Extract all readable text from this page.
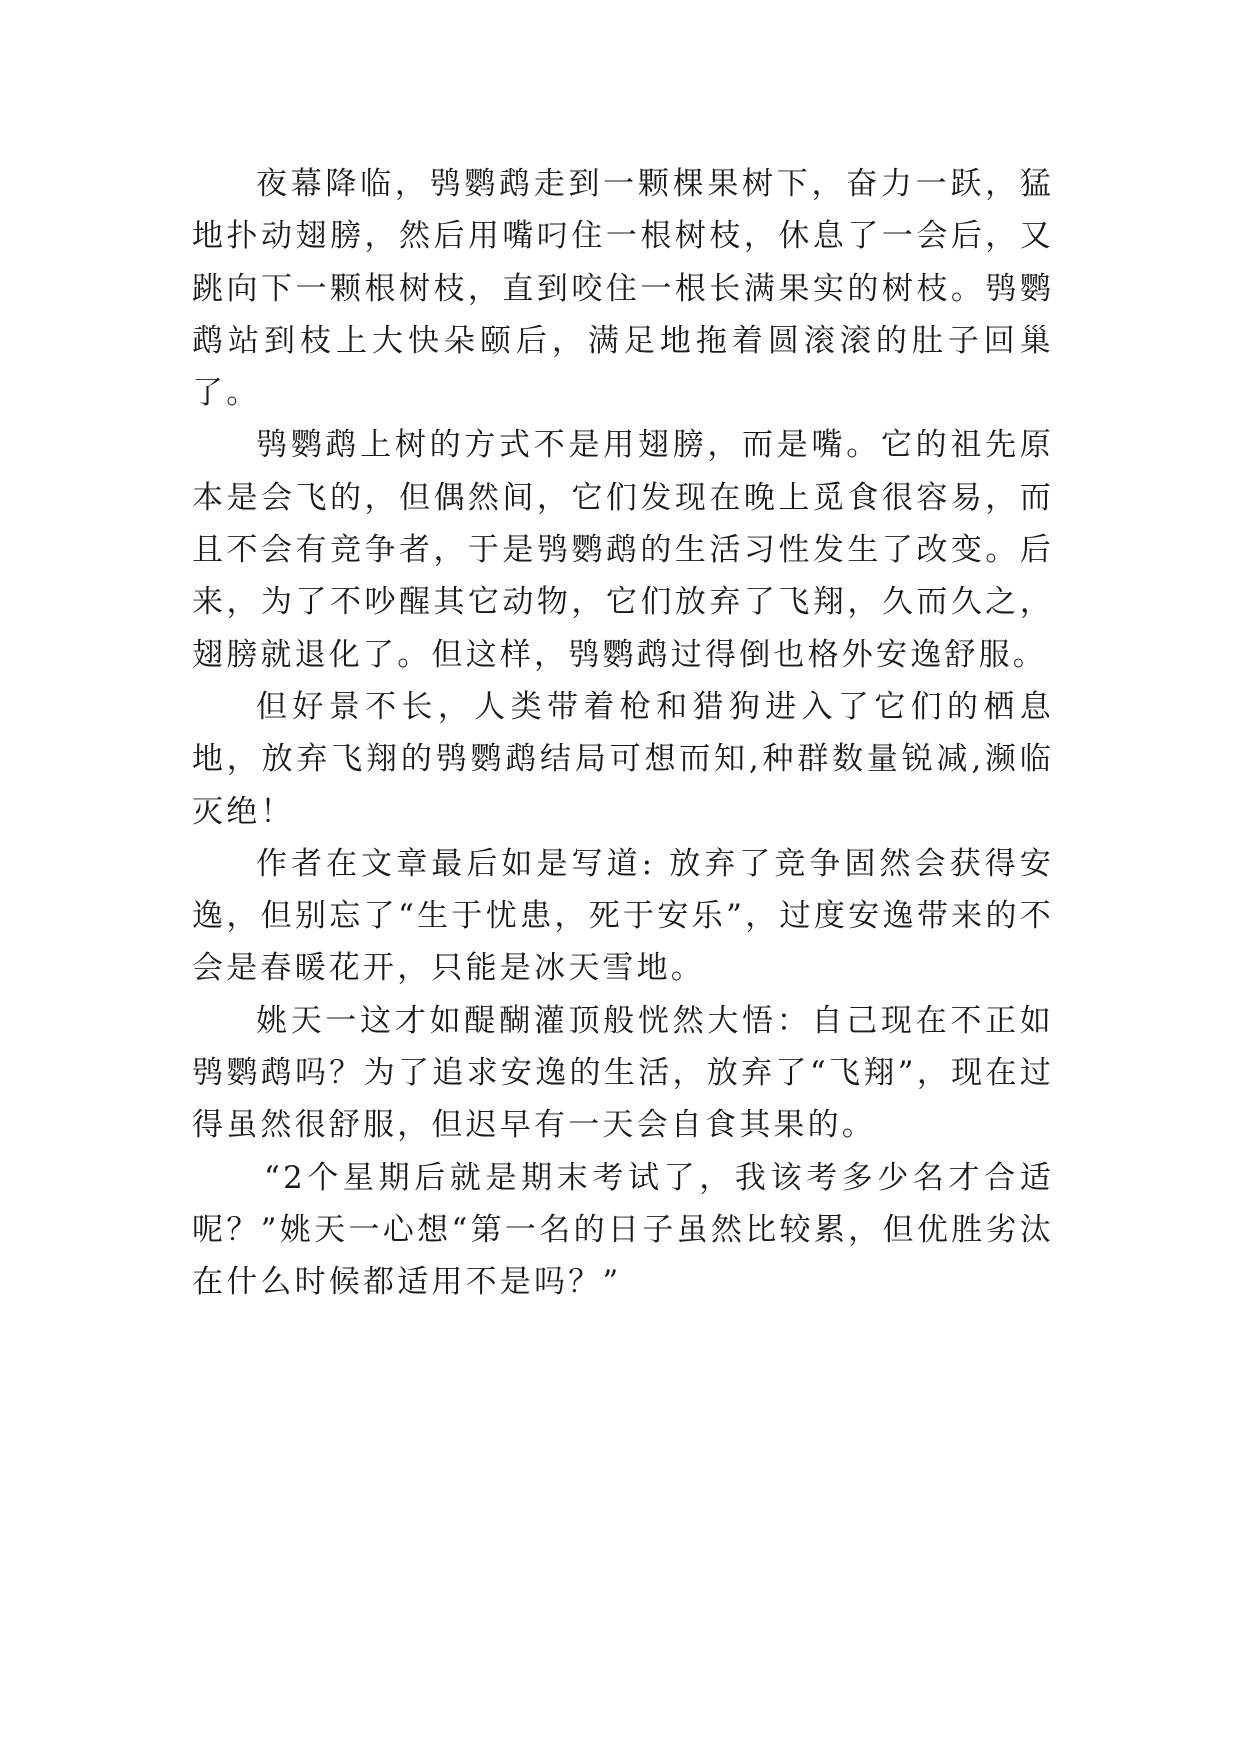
夜幕降临，鸮鹦鹉走到一颗棵果树下，奋力一跃，猛地扑动翅膀，然后用嘴叼住一根树枝，休息了一会后，又跳向下一颗根树枝，直到咬住一根长满果实的树枝。鸮鹦鹉站到枝上大快朵颐后，满足地拖着圆滚滚的肚子回巢了。

鸮鹦鹉上树的方式不是用翅膀，而是嘴。它的祖先原本是会飞的，但偶然间，它们发现在晚上觅食很容易，而且不会有竞争者，于是鸮鹦鹉的生活习性发生了改变。后来，为了不吵醒其它动物，它们放弃了飞翔，久而久之，翅膀就退化了。但这样，鸮鹦鹉过得倒也格外安逸舒服。

但好景不长，人类带着枪和猎狗进入了它们的栖息地，放弃飞翔的鸮鹦鹉结局可想而知,种群数量锐减,濒临灭绝！

作者在文章最后如是写道: 放弃了竞争固然会获得安逸，但别忘了“生于忧患，死于安乐”，过度安逸带来的不会是春暖花开，只能是冰天雪地。

姚天一这才如醍醐灌顶般恍然大悟：自己现在不正如鸮鹦鹉吗？为了追求安逸的生活，放弃了“飞翔”，现在过得虽然很舒服，但迟早有一天会自食其果的。

“2个星期后就是期末考试了，我该考多少名才合适呢？”姚天一心想“第一名的日子虽然比较累，但优胜劣汰在什么时候都适用不是吗？”
